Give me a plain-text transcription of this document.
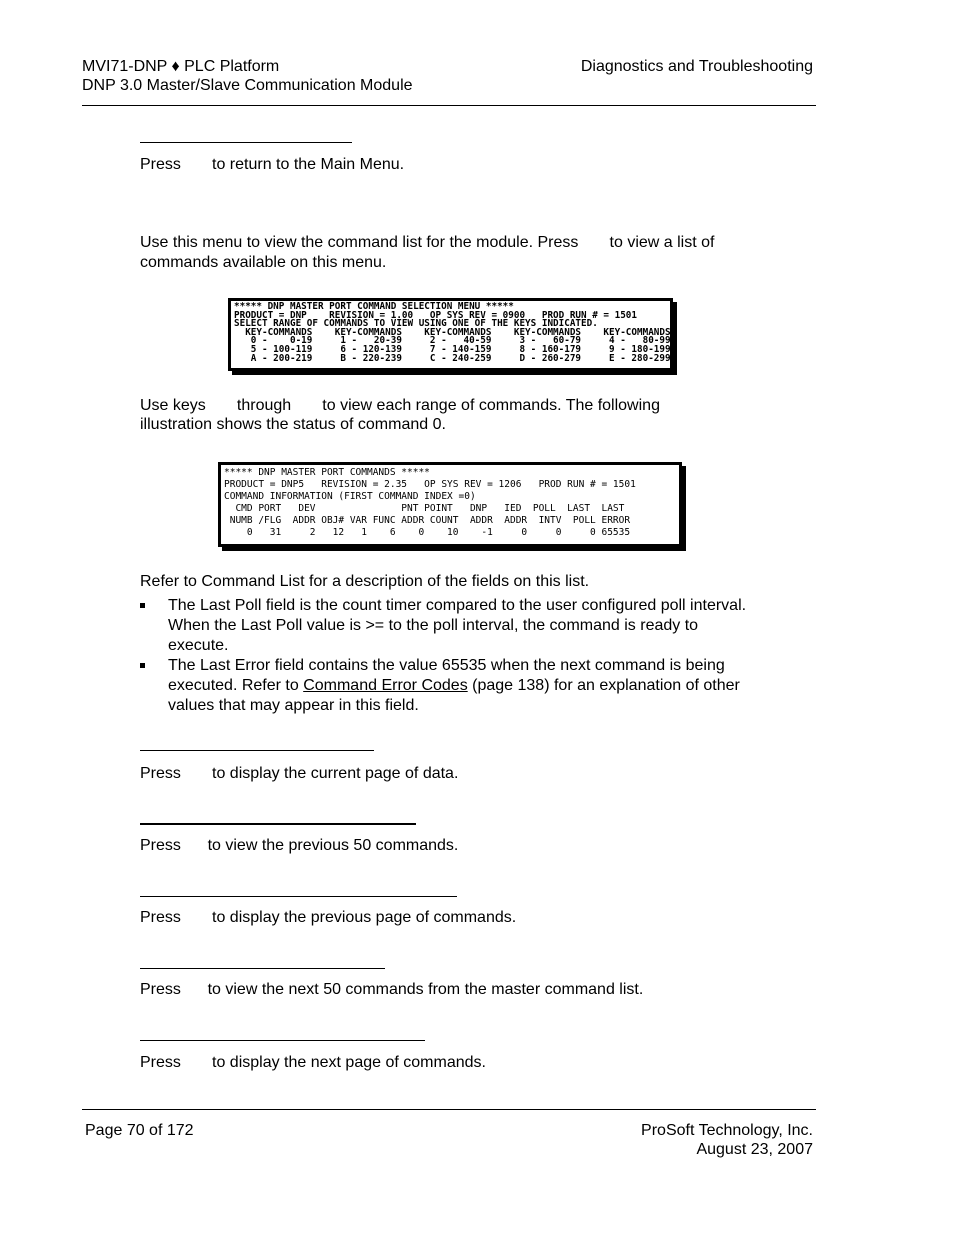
MVI71-DNP ♦ PLC Platform
DNP 3.0 Master/Slave Communication Module
Diagnostics and Troubleshooting
Press       to return to the Main Menu.
Use this menu to view the command list for the module. Press       to view a list of
commands available on this menu.
***** DNP MASTER PORT COMMAND SELECTION MENU *****
PRODUCT = DNP    REVISION = 1.00   OP SYS REV = 0900   PROD RUN # = 1501
SELECT RANGE OF COMMANDS TO VIEW USING ONE OF THE KEYS INDICATED.
KEY-COMMANDS    KEY-COMMANDS    KEY-COMMANDS    KEY-COMMANDS    KEY-COMMANDS
0 -    0-19     1 -   20-39     2 -   40-59     3 -   60-79     4 -   80-99
5 - 100-119     6 - 120-139     7 - 140-159     8 - 160-179     9 - 180-199
A - 200-219     B - 220-239     C - 240-259     D - 260-279     E - 280-299
Use keys       through       to view each range of commands. The following
illustration shows the status of command 0.
***** DNP MASTER PORT COMMANDS *****
PRODUCT = DNP5   REVISION = 2.35   OP SYS REV = 1206   PROD RUN # = 1501
COMMAND INFORMATION (FIRST COMMAND INDEX =0)
CMD PORT   DEV               PNT POINT   DNP   IED  POLL  LAST  LAST
NUMB /FLG  ADDR OBJ# VAR FUNC ADDR COUNT  ADDR  ADDR  INTV  POLL ERROR
0   31     2   12   1    6    0    10    -1     0     0     0 65535
Refer to Command List for a description of the fields on this list.
The Last Poll field is the count timer compared to the user configured poll interval. When the Last Poll value is >= to the poll interval, the command is ready to execute.
The Last Error field contains the value 65535 when the next command is being executed. Refer to Command Error Codes (page 138) for an explanation of other values that may appear in this field.
Press       to display the current page of data.
Press      to view the previous 50 commands.
Press       to display the previous page of commands.
Press      to view the next 50 commands from the master command list.
Press       to display the next page of commands.
Page 70 of 172	ProSoft Technology, Inc.
August 23, 2007
